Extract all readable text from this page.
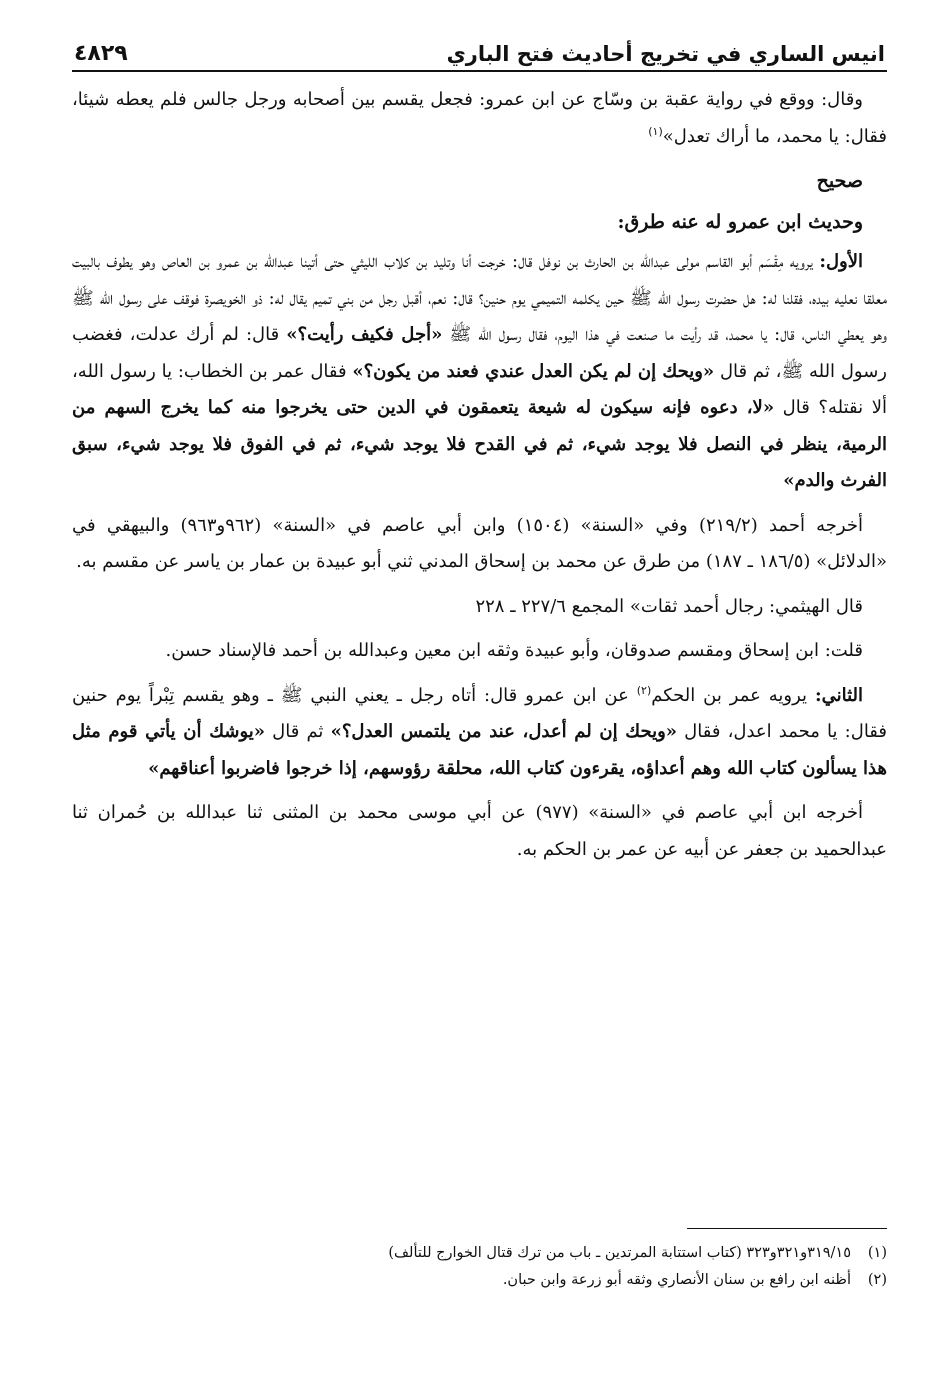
انيس الساري في تخريج أحاديث فتح الباري
٤٨٢٩

وقال: ووقع في رواية عقبة بن وسّاج عن ابن عمرو: فجعل يقسم بين أصحابه ورجل جالس فلم يعطه شيئا، فقال: يا محمد، ما أراك تعدل»$^{(١)}$

صحيح
وحديث ابن عمرو له عنه طرق:

الأول: يرويه مِقْسَم أبو القاسم مولى عبدالله بن الحارث بن نوفل قال: خرجت أنا وتليد بن كلاب الليثي حتى أتينا عبدالله بن عمرو بن العاص وهو يطوف بالبيت معلقا نعليه بيده، فقلنا له: هل حضرت رسول الله ﷺ حين يكلمه التميمي يوم حنين؟ قال: نعم، أقبل رجل من بني تميم يقال له: ذو الخويصرة فوقف على رسول الله ﷺ وهو يعطي الناس، قال: يا محمد، قد رأيت ما صنعت في هذا اليوم، فقال رسول الله ﷺ «أجل فكيف رأيت؟» قال: لم أرك عدلت، فغضب رسول الله ﷺ، ثم قال «ويحك إن لم يكن العدل عندي فعند من يكون؟» فقال عمر بن الخطاب: يا رسول الله، ألا نقتله؟ قال «لا، دعوه فإنه سيكون له شيعة يتعمقون في الدين حتى يخرجوا منه كما يخرج السهم من الرمية، ينظر في النصل فلا يوجد شيء، ثم في القدح فلا يوجد شيء، ثم في الفوق فلا يوجد شيء، سبق الفرث والدم»

أخرجه أحمد (٢١٩/٢) وفي «السنة» (١٥٠٤) وابن أبي عاصم في «السنة» (٩٦٢و٩٦٣) والبيهقي في «الدلائل» (١٨٦/٥ ـ ١٨٧) من طرق عن محمد بن إسحاق المدني ثني أبو عبيدة بن عمار بن ياسر عن مقسم به.

قال الهيثمي: رجال أحمد ثقات» المجمع ٢٢٧/٦ ـ ٢٢٨

قلت: ابن إسحاق ومقسم صدوقان، وأبو عبيدة وثقه ابن معين وعبدالله بن أحمد فالإسناد حسن.

الثاني: يرويه عمر بن الحكم$^{(٢)}$ عن ابن عمرو قال: أتاه رجل ـ يعني النبي ﷺ ـ وهو يقسم تِبْراً يوم حنين فقال: يا محمد اعدل، فقال «ويحك إن لم أعدل، عند من يلتمس العدل؟» ثم قال «يوشك أن يأتي قوم مثل هذا يسألون كتاب الله وهم أعداؤه، يقرءون كتاب الله، محلقة رؤوسهم، إذا خرجوا فاضربوا أعناقهم»

أخرجه ابن أبي عاصم في «السنة» (٩٧٧) عن أبي موسى محمد بن المثنى ثنا عبدالله بن حُمران ثنا عبدالحميد بن جعفر عن أبيه عن عمر بن الحكم به.

(١)
٣١٩/١٥و٣٢١و٣٢٣ (كتاب استتابة المرتدين ـ باب من ترك قتال الخوارج للتألف)
(٢)
أظنه ابن رافع بن سنان الأنصاري وثقه أبو زرعة وابن حبان.
